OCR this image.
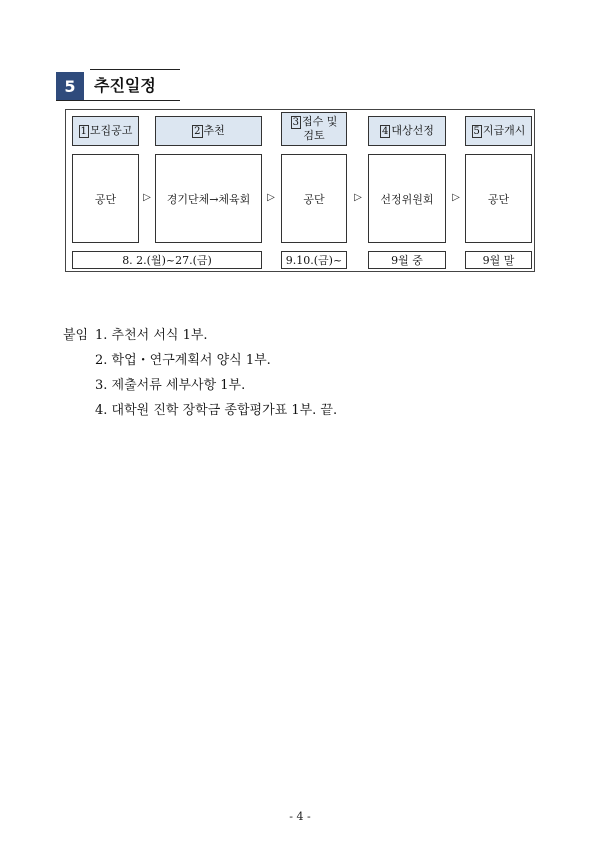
5	추진일정
1 모집공고	2 추천
3 접수 및
검토	4 대상선정	5 지급개시
공단	경기단체→체육회	공단	선정위원회	공단
▷	▷	▷	▷
8. 2.(월)~27.(금)	9.10.(금)~	9월 중	9월 말
붙임 1. 추천서 서식 1부.
2. 학업・연구계획서 양식 1부.
3. 제출서류 세부사항 1부.
4. 대학원 진학 장학금 종합평가표 1부. 끝.
- 4 -
